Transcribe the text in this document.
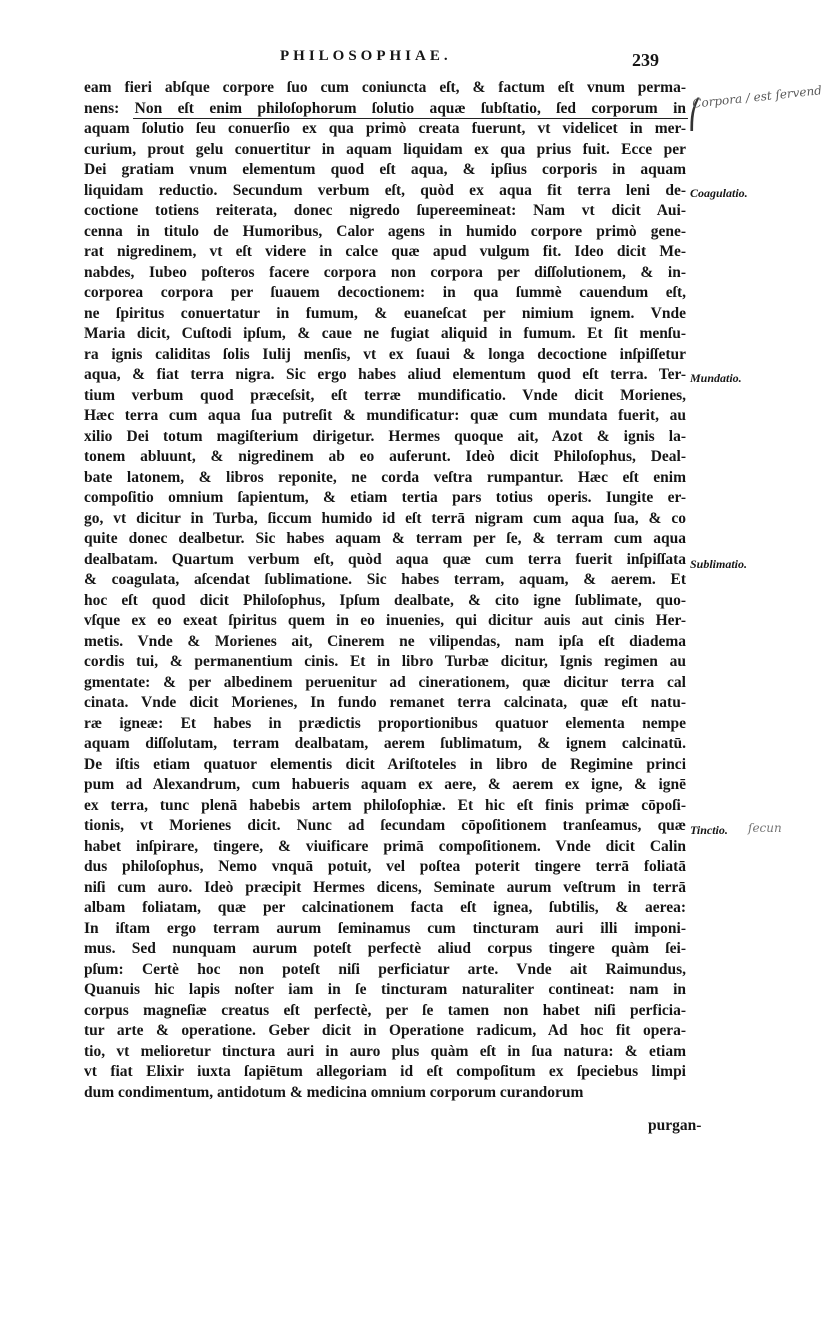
PHILOSOPHIAE.	239
⎛
eam fieri abſque corpore ſuo cum coniuncta eſt, & factum eſt vnum perma-
nens: Non eſt enim philoſophorum ſolutio aquæ ſubſtatio, ſed corporum in
aquam ſolutio ſeu conuerſio ex qua primò creata fuerunt, vt videlicet in mer-
curium, prout gelu conuertitur in aquam liquidam ex qua prius fuit. Ecce per
Dei gratiam vnum elementum quod eſt aqua, & ipſius corporis in aquam
liquidam reductio. Secundum verbum eſt, quòd ex aqua fit terra leni de-
coctione totiens reiterata, donec nigredo ſupereemineat: Nam vt dicit Aui-
cenna in titulo de Humoribus, Calor agens in humido corpore primò gene-
rat nigredinem, vt eſt videre in calce quæ apud vulgum fit. Ideo dicit Me-
nabdes, Iubeo poſteros facere corpora non corpora per diſſolutionem, & in-
corporea corpora per ſuauem decoctionem: in qua ſummè cauendum eſt,
ne ſpiritus conuertatur in fumum, & euaneſcat per nimium ignem. Vnde
Maria dicit, Cuſtodi ipſum, & caue ne fugiat aliquid in fumum. Et ſit menſu-
ra ignis caliditas ſolis Iulij menſis, vt ex ſuaui & longa decoctione inſpiſſetur
aqua, & fiat terra nigra. Sic ergo habes aliud elementum quod eſt terra. Ter-
tium verbum quod præceſsit, eſt terræ mundificatio. Vnde dicit Morienes,
Hæc terra cum aqua ſua putreſit & mundificatur: quæ cum mundata fuerit, au
xilio Dei totum magiſterium dirigetur. Hermes quoque ait, Azot & ignis la-
tonem abluunt, & nigredinem ab eo auferunt. Ideò dicit Philoſophus, Deal-
bate latonem, & libros reponite, ne corda veſtra rumpantur. Hæc eſt enim
compoſitio omnium ſapientum, & etiam tertia pars totius operis. Iungite er-
go, vt dicitur in Turba, ſiccum humido id eſt terrā nigram cum aqua ſua, & co
quite donec dealbetur. Sic habes aquam & terram per ſe, & terram cum aqua
dealbatam. Quartum verbum eſt, quòd aqua quæ cum terra fuerit inſpiſſata
& coagulata, aſcendat ſublimatione. Sic habes terram, aquam, & aerem. Et
hoc eſt quod dicit Philoſophus, Ipſum dealbate, & cito igne ſublimate, quo-
vſque ex eo exeat ſpiritus quem in eo inuenies, qui dicitur auis aut cinis Her-
metis. Vnde & Morienes ait, Cinerem ne vilipendas, nam ipſa eſt diadema
cordis tui, & permanentium cinis. Et in libro Turbæ dicitur, Ignis regimen au
gmentate: & per albedinem peruenitur ad cinerationem, quæ dicitur terra cal
cinata. Vnde dicit Morienes, In fundo remanet terra calcinata, quæ eſt natu-
ræ igneæ: Et habes in prædictis proportionibus quatuor elementa nempe
aquam diſſolutam, terram dealbatam, aerem ſublimatum, & ignem calcinatū.
De iſtis etiam quatuor elementis dicit Ariſtoteles in libro de Regimine princi
pum ad Alexandrum, cum habueris aquam ex aere, & aerem ex igne, & ignē
ex terra, tunc plenā habebis artem philoſophiæ. Et hic eſt finis primæ cōpoſi-
tionis, vt Morienes dicit. Nunc ad ſecundam cōpoſitionem tranſeamus, quæ
habet inſpirare, tingere, & viuificare primā compoſitionem. Vnde dicit Calin
dus philoſophus, Nemo vnquā potuit, vel poſtea poterit tingere terrā foliatā
niſi cum auro. Ideò præcipit Hermes dicens, Seminate aurum veſtrum in terrā
albam foliatam, quæ per calcinationem facta eſt ignea, ſubtilis, & aerea:
In iſtam ergo terram aurum ſeminamus cum tincturam auri illi imponi-
mus. Sed nunquam aurum poteſt perfectè aliud corpus tingere quàm ſei-
pſum: Certè hoc non poteſt niſi perficiatur arte. Vnde ait Raimundus,
Quanuis hic lapis noſter iam in ſe tincturam naturaliter contineat: nam in
corpus magneſiæ creatus eſt perfectè, per ſe tamen non habet niſi perficia-
tur arte & operatione. Geber dicit in Operatione radicum, Ad hoc fit opera-
tio, vt melioretur tinctura auri in auro plus quàm eſt in ſua natura: & etiam
vt fiat Elixir iuxta ſapiētum allegoriam id eſt compoſitum ex ſpeciebus limpi
dum condimentum, antidotum & medicina omnium corporum curandorum
purgan-
Corpora / est ſervend
Coagulatio.
Mundatio.
Sublimatio.
Tinctio. ſecun
